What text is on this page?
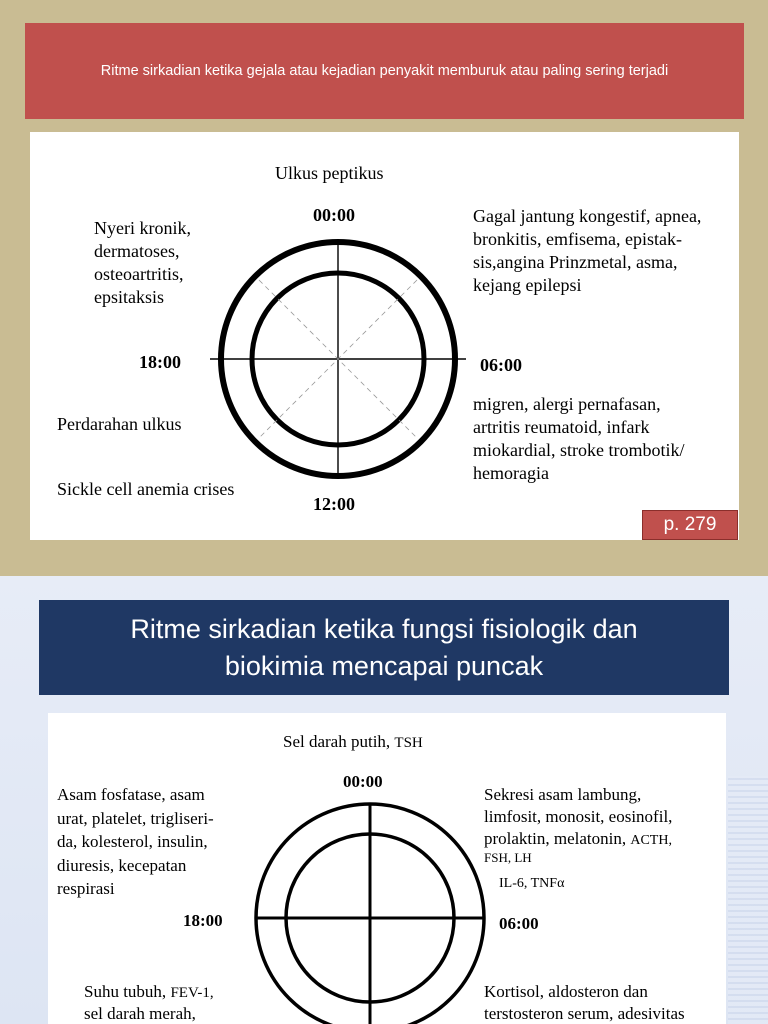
Ritme sirkadian ketika gejala atau kejadian penyakit memburuk atau paling sering terjadi
Ulkus peptikus
00:00
18:00	06:00
12:00
Nyeri kronik,
dermatoses,
osteoartritis,
epsitaksis
Gagal jantung kongestif, apnea,
bronkitis, emfisema, epistak-
sis,angina Prinzmetal, asma,
kejang epilepsi
migren, alergi pernafasan,
artritis reumatoid, infark
miokardial, stroke trombotik/
hemoragia
Perdarahan ulkus
Sickle cell anemia crises
p. 279
Ritme sirkadian ketika fungsi fisiologik dan biokimia mencapai puncak
Sel darah putih, TSH
00:00
18:00	06:00
Asam fosfatase, asam
urat, platelet, trigliseri-
da, kolesterol, insulin,
diuresis, kecepatan
respirasi
Sekresi asam lambung,
limfosit, monosit, eosinofil,
prolaktin, melatonin, ACTH,
FSH, LH
IL-6, TNFα
Suhu tubuh, FEV-1,
sel darah merah,
Kortisol, aldosteron dan
terstosteron serum, adesivitas
